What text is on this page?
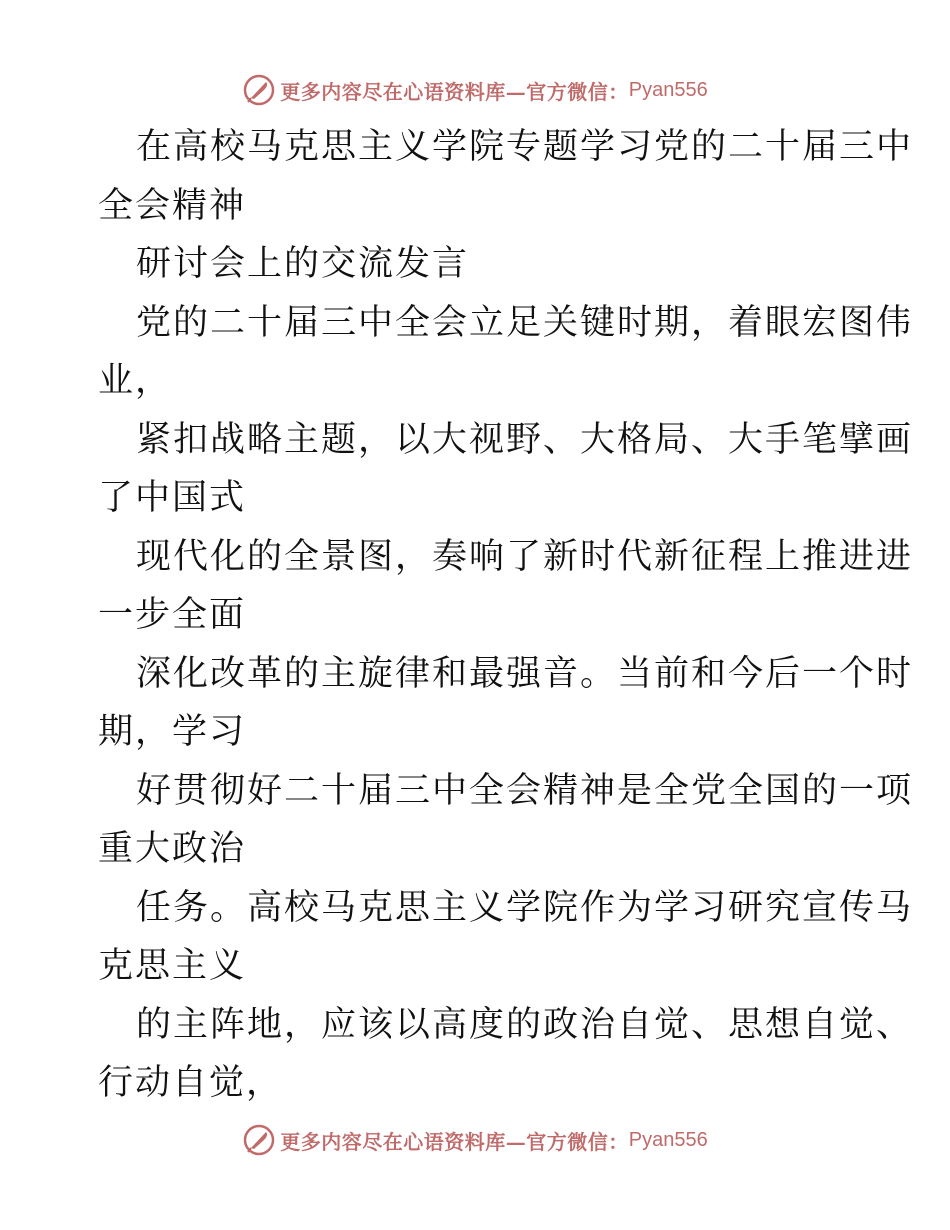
更多内容尽在心语资料库—官方微信： Pyan556
在高校马克思主义学院专题学习党的二十届三中
全会精神
研讨会上的交流发言
党的二十届三中全会立足关键时期，着眼宏图伟
业，
紧扣战略主题，以大视野、大格局、大手笔擘画
了中国式
现代化的全景图，奏响了新时代新征程上推进进
一步全面
深化改革的主旋律和最强音。当前和今后一个时
期，学习
好贯彻好二十届三中全会精神是全党全国的一项
重大政治
任务。高校马克思主义学院作为学习研究宣传马
克思主义
的主阵地，应该以高度的政治自觉、思想自觉、
行动自觉，
更多内容尽在心语资料库—官方微信： Pyan556
